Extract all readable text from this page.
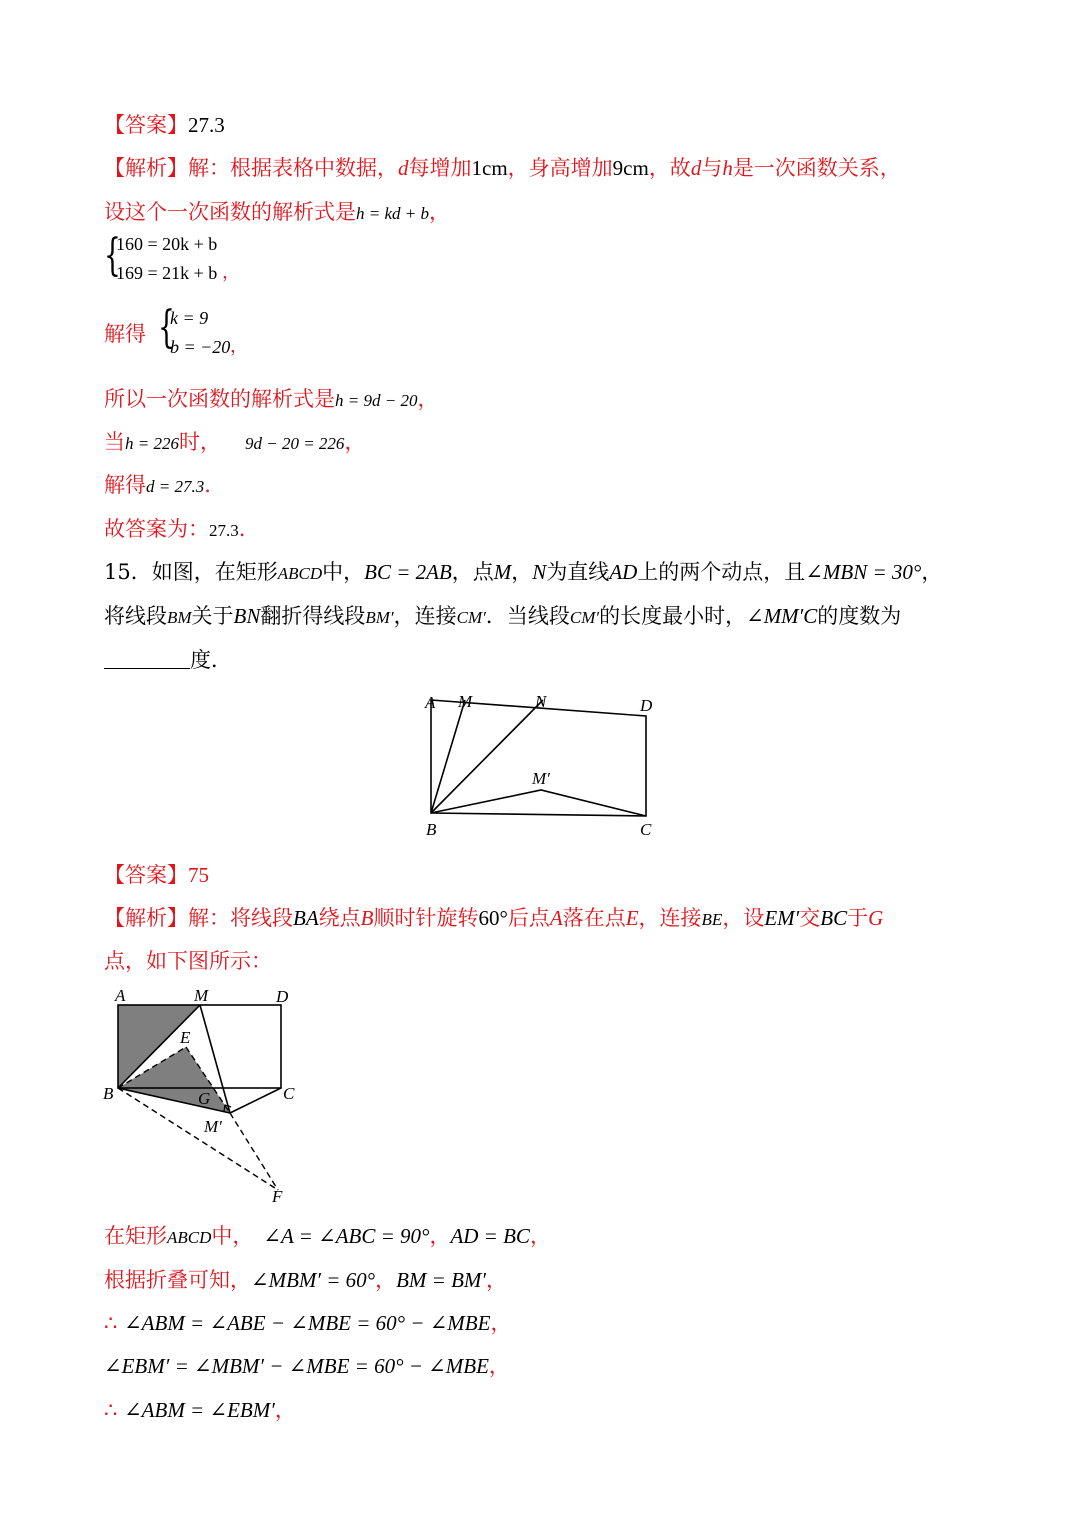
【答案】27.3
【解析】解：根据表格中数据，d每增加1cm，身高增加9cm，故d与h是一次函数关系，
设这个一次函数的解析式是h = kd + b，
{
160 = 20k + b
169 = 21k + b ，
解得 {
k = 9
b = −20 ，
所以一次函数的解析式是h = 9d − 20，
当h = 226时， 9d − 20 = 226，
解得d = 27.3.
故答案为：27.3.
15．如图，在矩形ABCD中，BC = 2AB，点M，N为直线AD上的两个动点，且∠MBN = 30°，
将线段BM关于BN翻折得线段BM′，连接CM′．当线段CM′的长度最小时，∠MM′C的度数为
度．
A M	N	D
M′
B	C
【答案】75
【解析】解：将线段BA绕点B顺时针旋转60°后点A落在点E，连接BE，设EM′交BC于G
点，如下图所示：
A	M	D
E
B	G	C
M′
F
在矩形ABCD中， ∠A = ∠ABC = 90°，AD = BC，
根据折叠可知，∠MBM′ = 60°，BM = BM′，
∴ ∠ABM = ∠ABE − ∠MBE = 60° − ∠MBE，
∠EBM′ = ∠MBM′ − ∠MBE = 60° − ∠MBE，
∴ ∠ABM = ∠EBM′，
